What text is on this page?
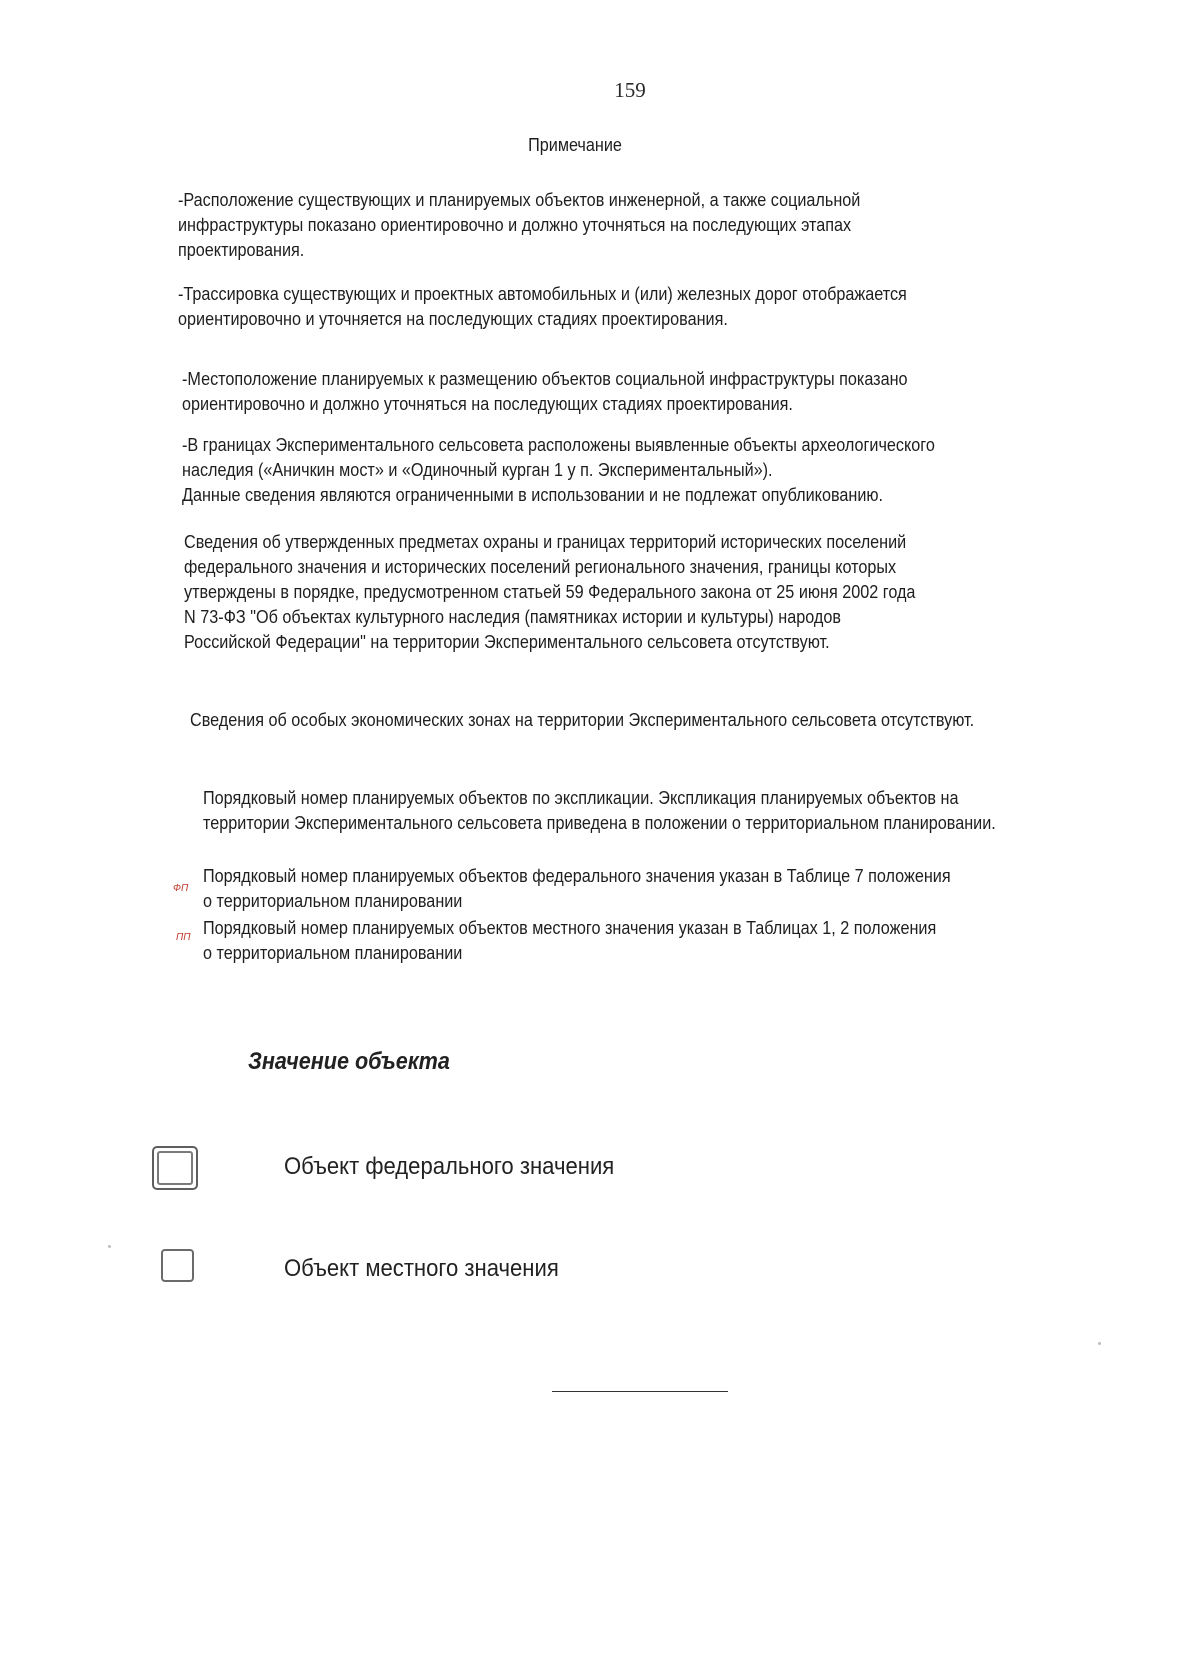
159
Примечание
-Расположение существующих и планируемых объектов инженерной, а также социальной
инфраструктуры показано ориентировочно и должно уточняться на последующих этапах
проектирования.
-Трассировка существующих и проектных автомобильных и (или) железных дорог отображается
ориентировочно и уточняется на последующих стадиях проектирования.
-Местоположение планируемых к размещению объектов социальной инфраструктуры показано
ориентировочно и должно уточняться на последующих стадиях проектирования.
-В границах Экспериментального сельсовета расположены выявленные объекты археологического
наследия («Аничкин мост» и «Одиночный курган 1 у п. Экспериментальный»).
Данные сведения являются ограниченными в использовании и не подлежат опубликованию.
Сведения об утвержденных предметах охраны и границах территорий исторических поселений
федерального значения и исторических поселений регионального значения, границы которых
утверждены в порядке, предусмотренном статьей 59 Федерального закона от 25 июня 2002 года
N 73-ФЗ "Об объектах культурного наследия (памятниках истории и культуры) народов
Российской Федерации" на территории Экспериментального сельсовета отсутствуют.
Сведения об особых экономических зонах на территории Экспериментального сельсовета отсутствуют.
Порядковый номер планируемых объектов по экспликации. Экспликация планируемых объектов на
территории Экспериментального сельсовета приведена в положении о территориальном планировании.
ФП
Порядковый номер планируемых объектов федерального значения указан в Таблице 7 положения
о территориальном планировании
ПП Порядковый номер планируемых объектов местного значения указан в Таблицах 1, 2 положения
о территориальном планировании
Значение объекта
Объект федерального значения
Объект местного значения
